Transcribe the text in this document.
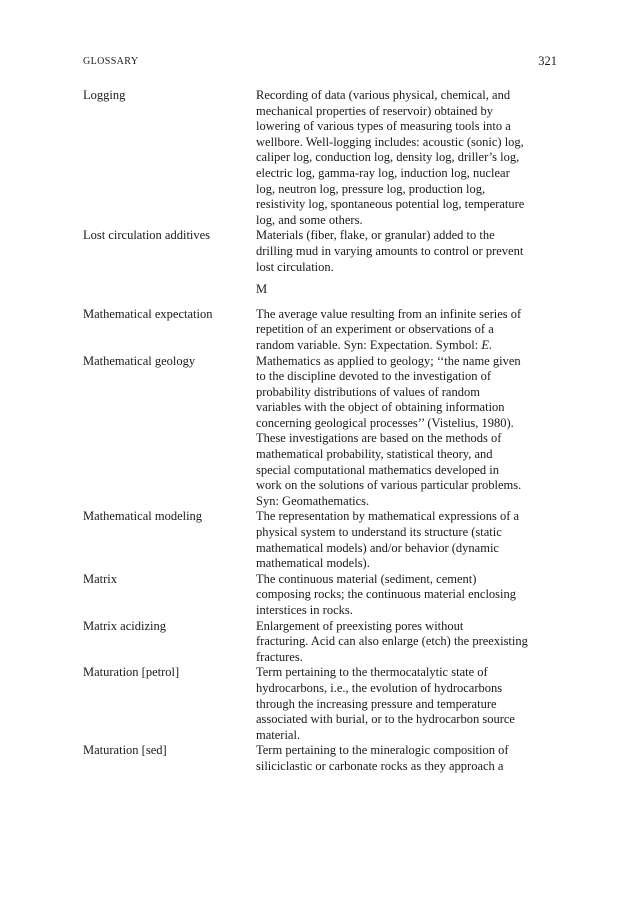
GLOSSARY	321
Logging	Recording of data (various physical, chemical, and
mechanical properties of reservoir) obtained by
lowering of various types of measuring tools into a
wellbore. Well-logging includes: acoustic (sonic) log,
caliper log, conduction log, density log, driller’s log,
electric log, gamma-ray log, induction log, nuclear
log, neutron log, pressure log, production log,
resistivity log, spontaneous potential log, temperature
log, and some others.
Lost circulation additives	Materials (fiber, flake, or granular) added to the
drilling mud in varying amounts to control or prevent
lost circulation.
M
Mathematical expectation	The average value resulting from an infinite series of
repetition of an experiment or observations of a
random variable. Syn: Expectation. Symbol: E.
Mathematical geology	Mathematics as applied to geology; ‘‘the name given
to the discipline devoted to the investigation of
probability distributions of values of random
variables with the object of obtaining information
concerning geological processes’’ (Vistelius, 1980).
These investigations are based on the methods of
mathematical probability, statistical theory, and
special computational mathematics developed in
work on the solutions of various particular problems.
Syn: Geomathematics.
Mathematical modeling	The representation by mathematical expressions of a
physical system to understand its structure (static
mathematical models) and/or behavior (dynamic
mathematical models).
Matrix	The continuous material (sediment, cement)
composing rocks; the continuous material enclosing
interstices in rocks.
Matrix acidizing	Enlargement of preexisting pores without
fracturing. Acid can also enlarge (etch) the preexisting
fractures.
Maturation [petrol]	Term pertaining to the thermocatalytic state of
hydrocarbons, i.e., the evolution of hydrocarbons
through the increasing pressure and temperature
associated with burial, or to the hydrocarbon source
material.
Maturation [sed]	Term pertaining to the mineralogic composition of
siliciclastic or carbonate rocks as they approach a
